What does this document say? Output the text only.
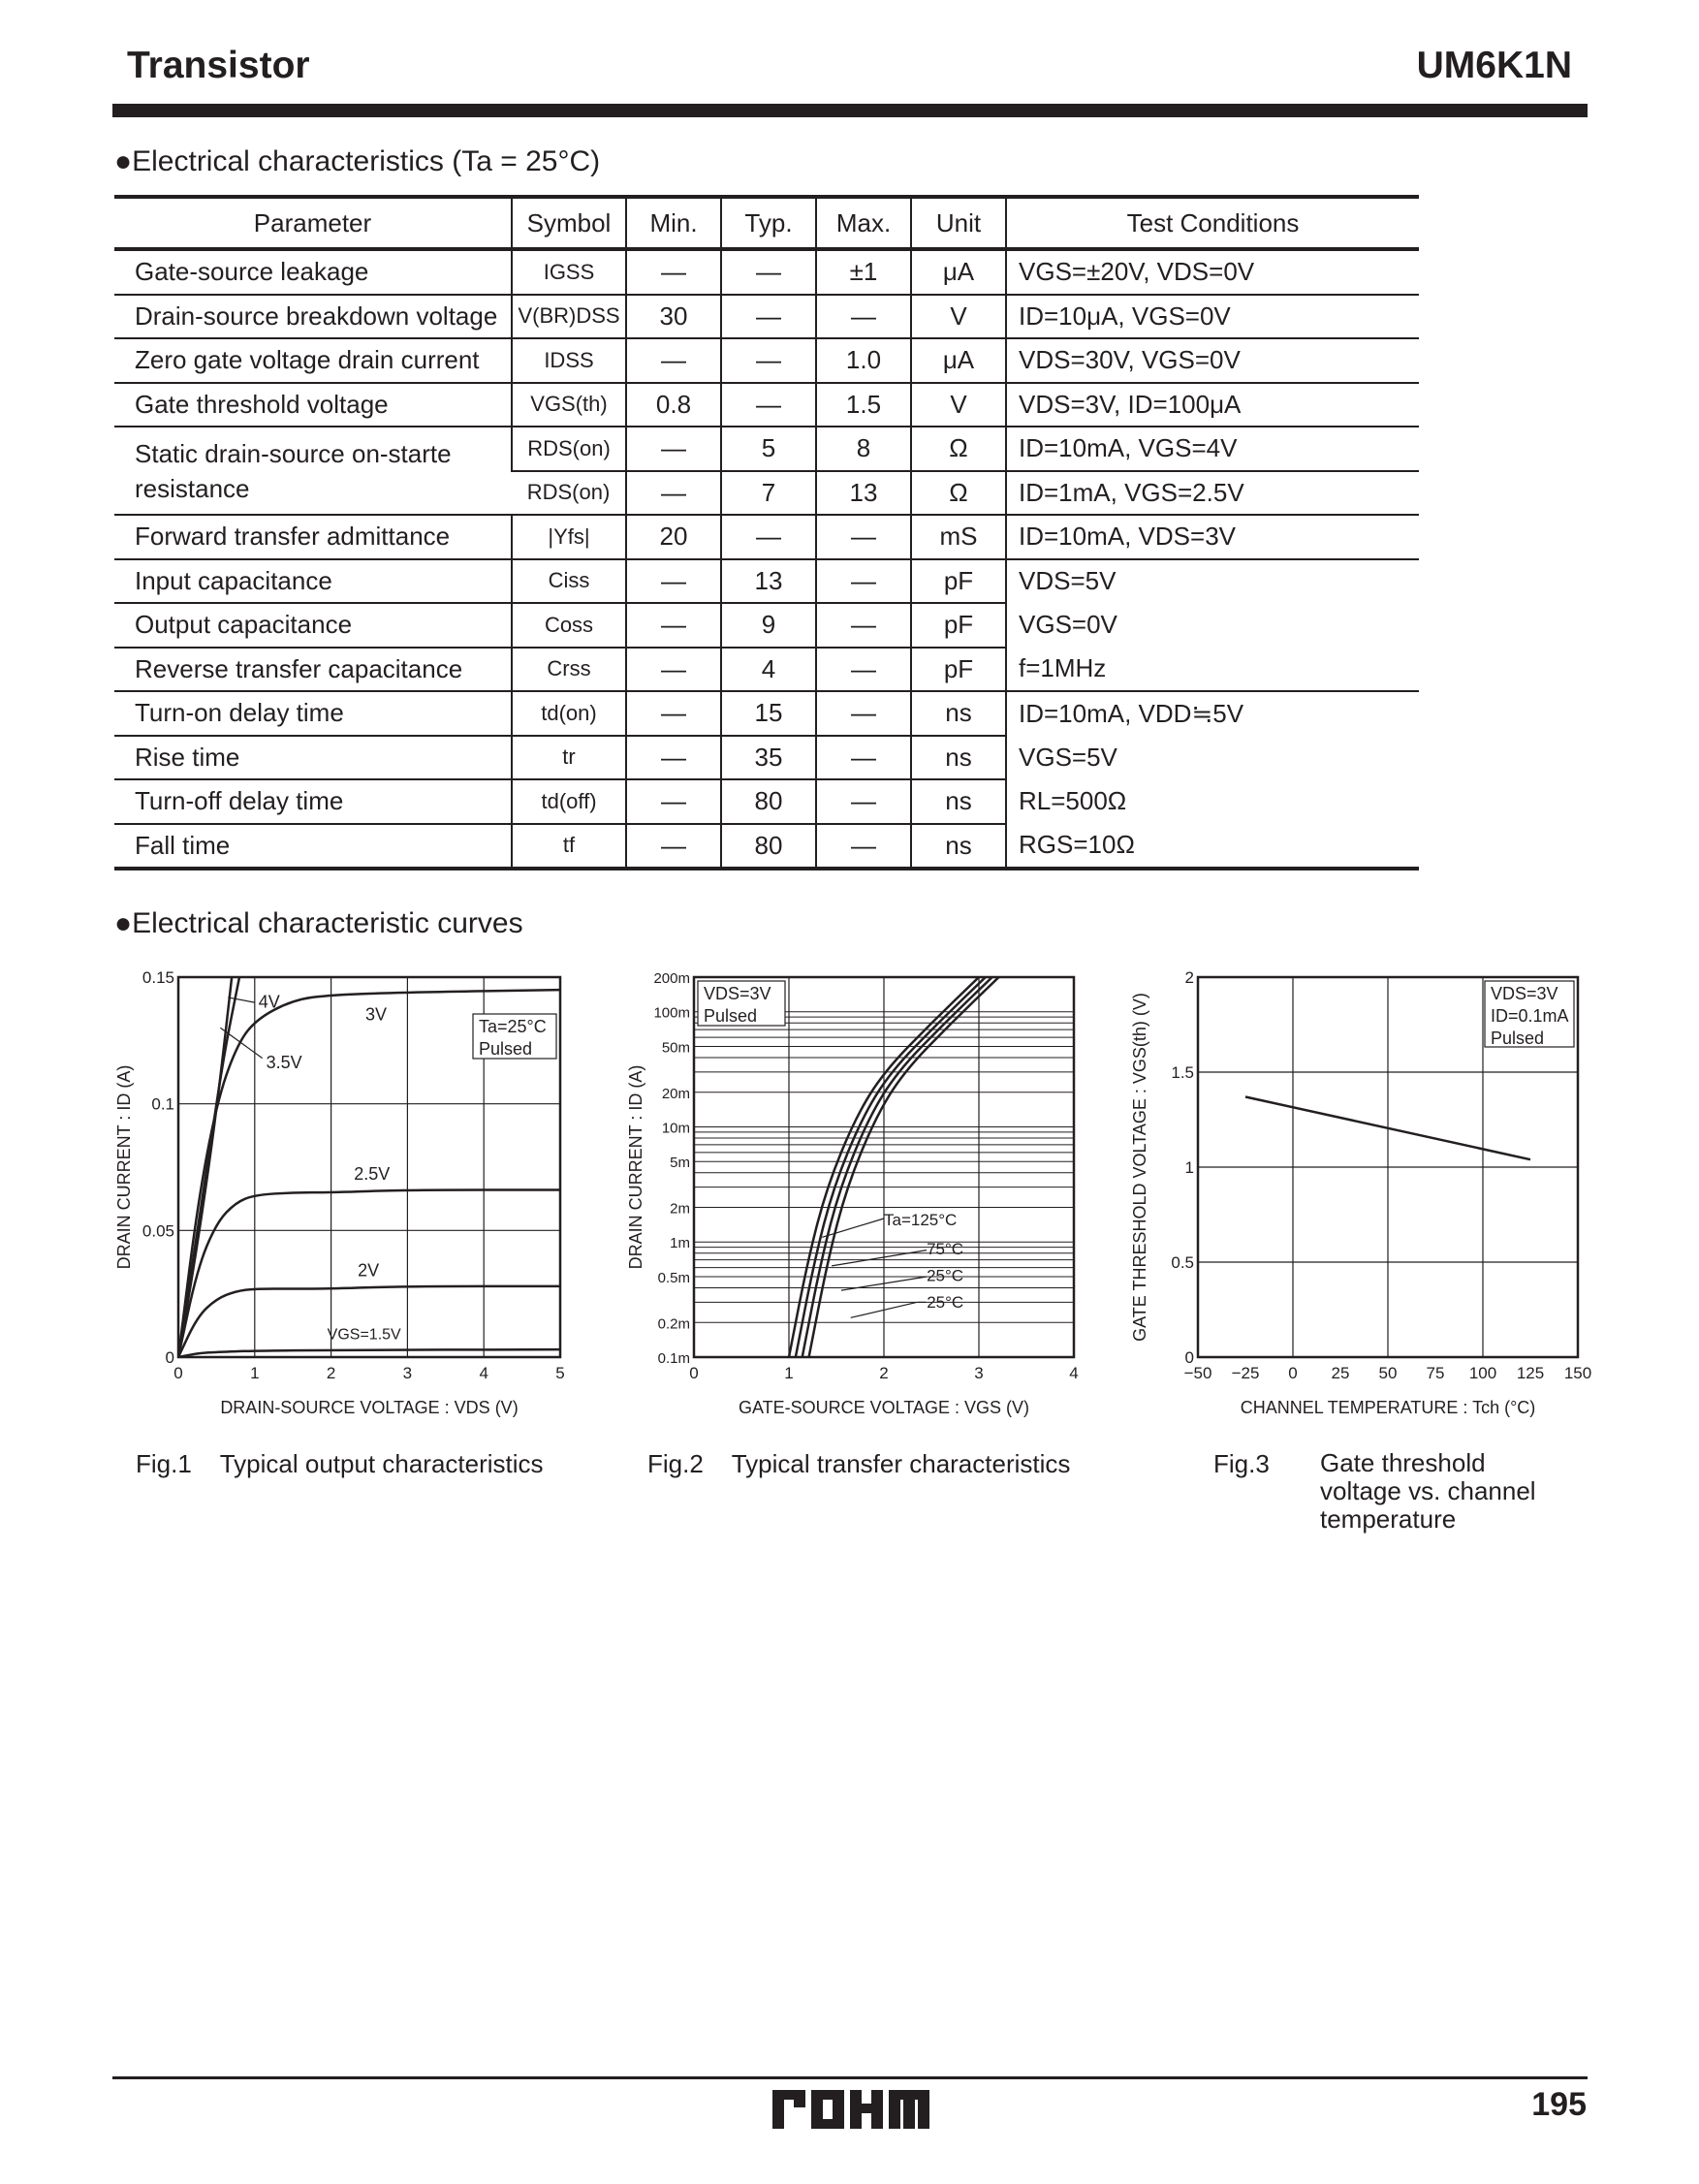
Transistor	UM6K1N
●Electrical characteristics (Ta = 25°C)
Parameter	Symbol	Min.	Typ.	Max.	Unit	Test Conditions
Gate-source leakage	IGSS	—	—	±1	μA	VGS=±20V, VDS=0V
Drain-source breakdown voltage	V(BR)DSS	30	—	—	V	ID=10μA, VGS=0V
Zero gate voltage drain current	IDSS	—	—	1.0	μA	VDS=30V, VGS=0V
Gate threshold voltage	VGS(th)	0.8	—	1.5	V	VDS=3V, ID=100μA
Static drain-source on-starte resistance	RDS(on)	—	5	8	Ω	ID=10mA, VGS=4V
	RDS(on)	—	7	13	Ω	ID=1mA, VGS=2.5V
Forward transfer admittance	|Yfs|	20	—	—	mS	ID=10mA, VDS=3V
Input capacitance	Ciss	—	13	—	pF	VDS=5V
Output capacitance	Coss	—	9	—	pF	VGS=0V
Reverse transfer capacitance	Crss	—	4	—	pF	f=1MHz
Turn-on delay time	td(on)	—	15	—	ns	ID=10mA, VDD≒5V
Rise time	tr	—	35	—	ns	VGS=5V
Turn-off delay time	td(off)	—	80	—	ns	RL=500Ω
Fall time	tf	—	80	—	ns	RGS=10Ω
●Electrical characteristic curves
0	1	2	3	4	5
0
0.05
0.1
0.15
DRAIN-SOURCE VOLTAGE : VDS (V)
DRAIN CURRENT : ID (A)
4V
3.5V
3V
2.5V
2V
VGS=1.5V
Ta=25°C
Pulsed
0	1	2	3	4
200m
100m
50m
20m
10m
5m
2m
1m
0.5m
0.2m
0.1m
GATE-SOURCE VOLTAGE : VGS (V)
DRAIN CURRENT : ID (A)	Ta=125°C
75°C
25°C
−25°C
VDS=3V
Pulsed
−50 −25 0 25 50 75 100 125 150
0
0.5
1
1.5
2
CHANNEL TEMPERATURE : Tch (°C)
GATE THRESHOLD VOLTAGE : VGS(th) (V)	VDS=3V
ID=0.1mA
Pulsed
Fig.1 Typical output characteristics	Fig.2 Typical transfer characteristics	Fig.3 Gate threshold
voltage vs. channel
temperature
195
